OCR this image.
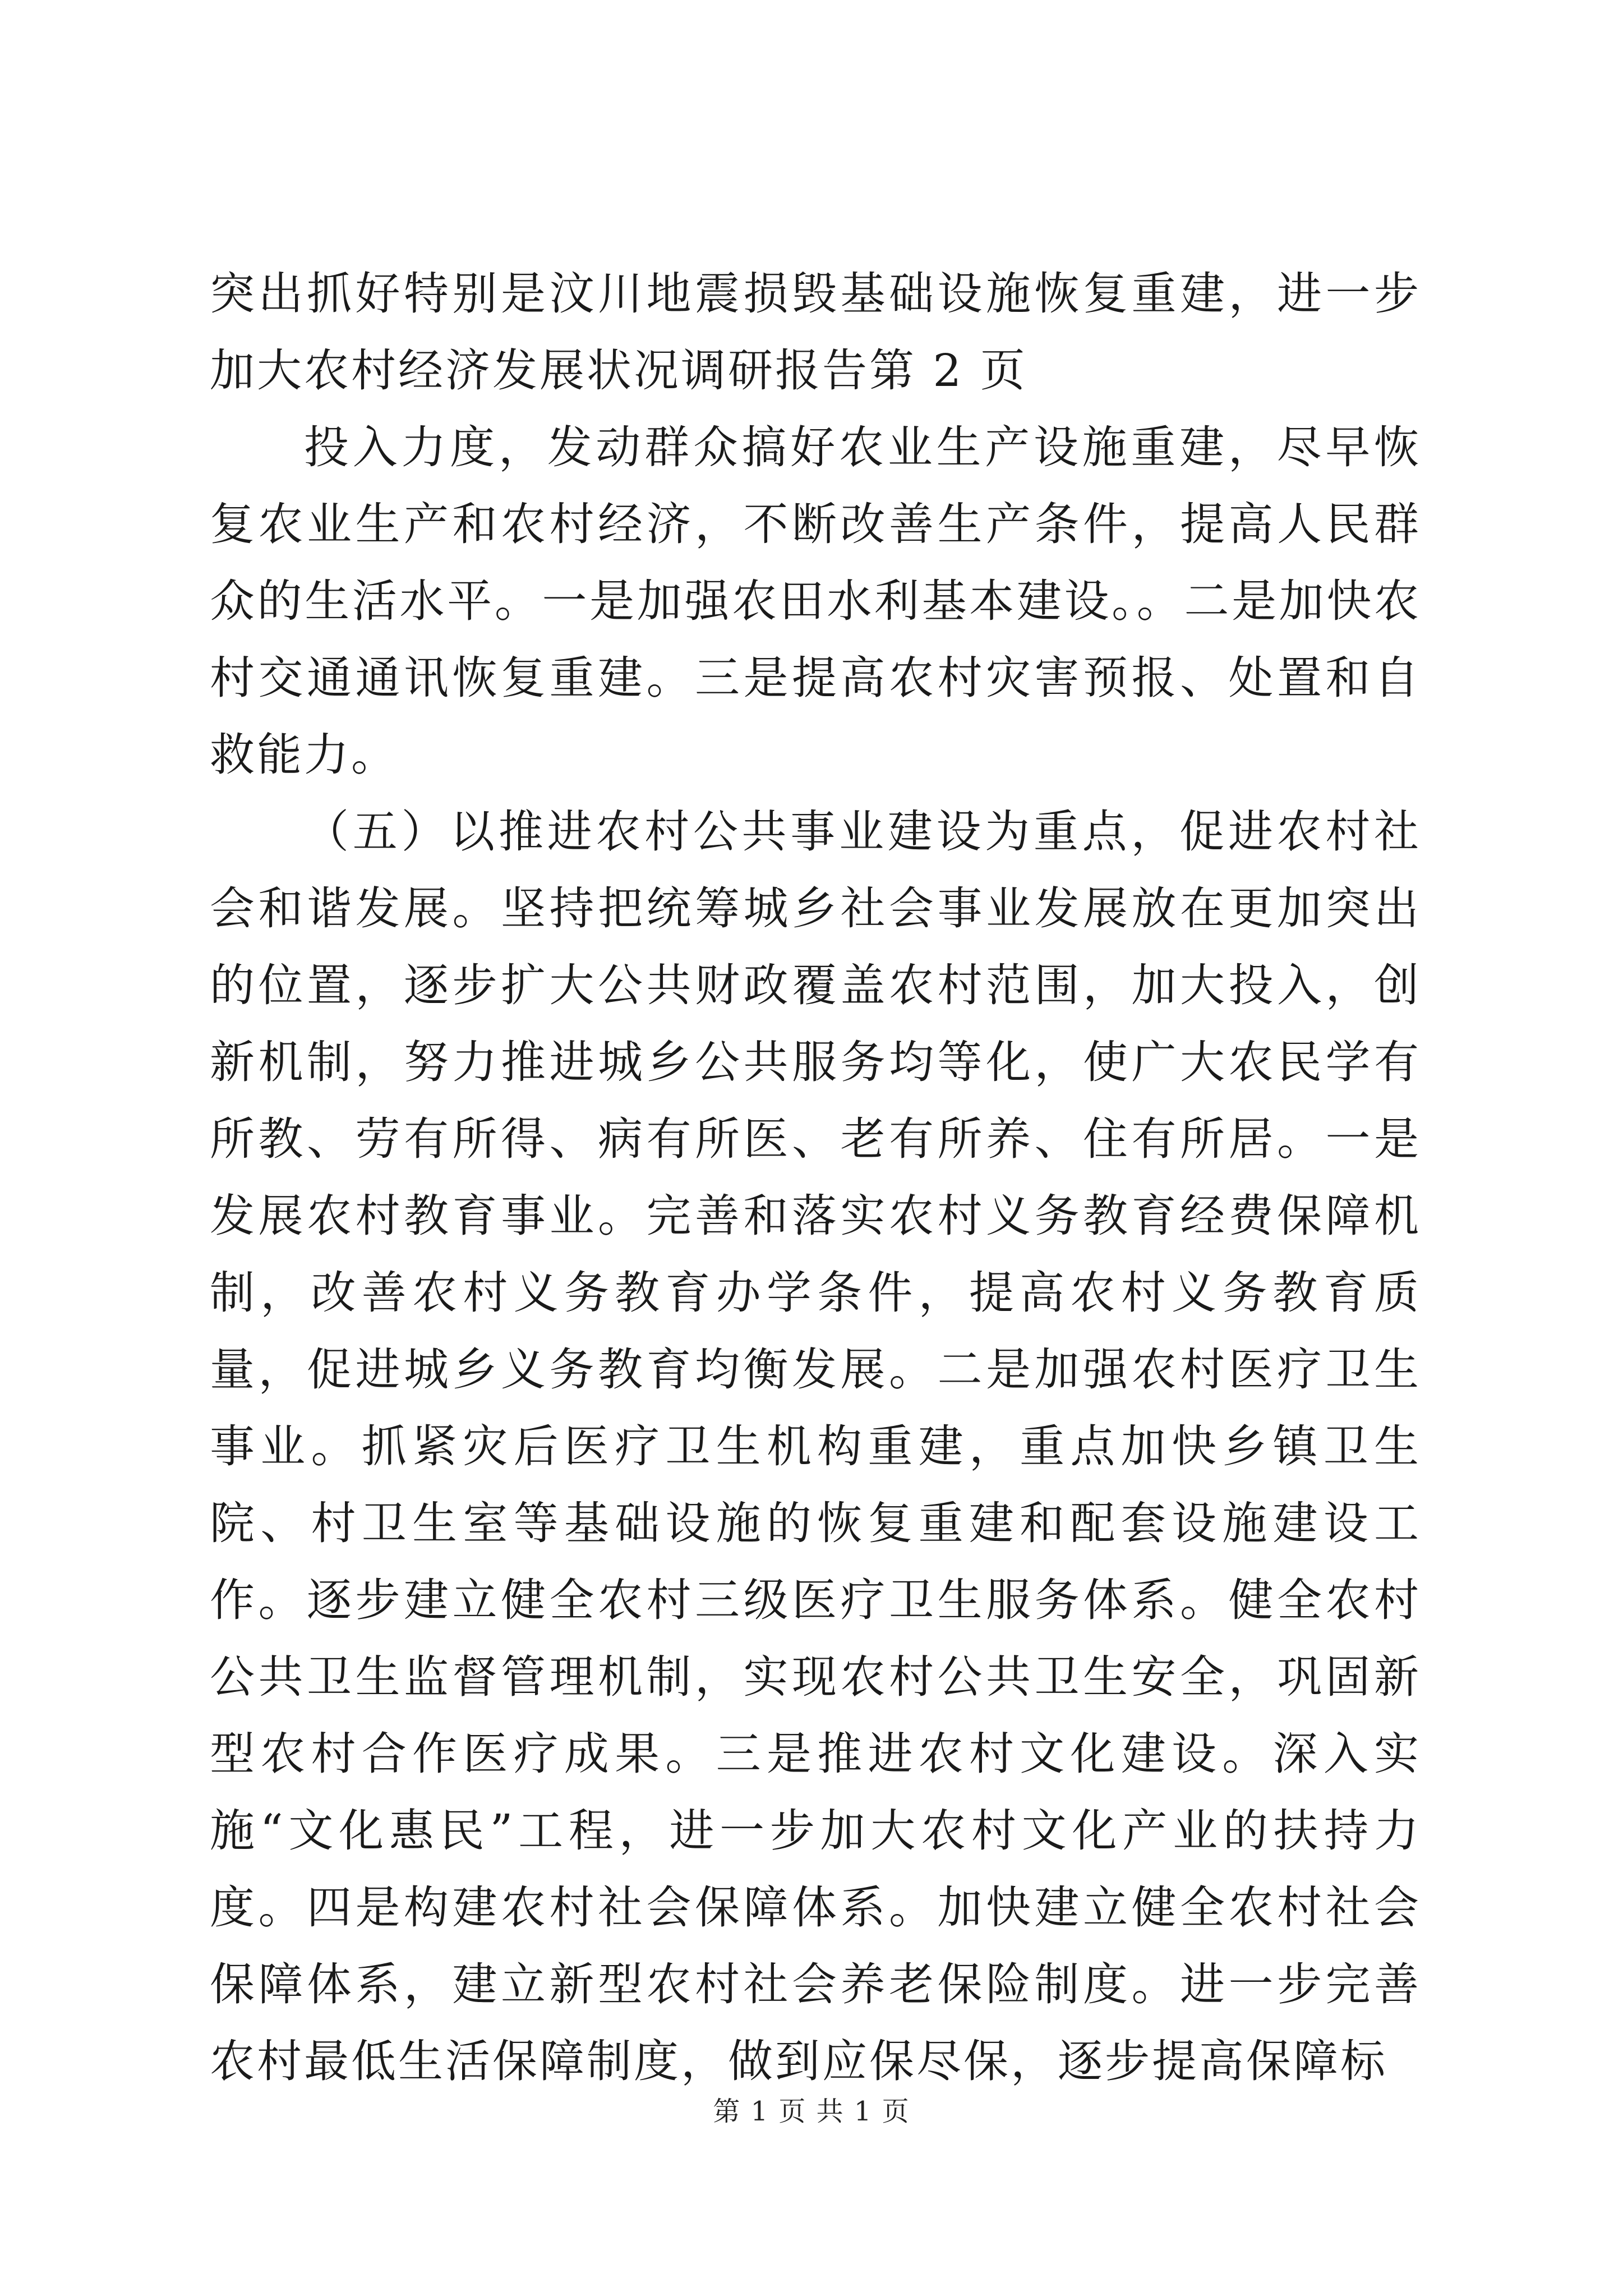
突出抓好特别是汶川地震损毁基础设施恢复重建，进一步加大农村经济发展状况调研报告第 2 页

投入力度，发动群众搞好农业生产设施重建，尽早恢复农业生产和农村经济，不断改善生产条件，提高人民群众的生活水平。一是加强农田水利基本建设。。二是加快农村交通通讯恢复重建。三是提高农村灾害预报、处置和自救能力。

（五）以推进农村公共事业建设为重点，促进农村社会和谐发展。坚持把统筹城乡社会事业发展放在更加突出的位置，逐步扩大公共财政覆盖农村范围，加大投入，创新机制，努力推进城乡公共服务均等化，使广大农民学有所教、劳有所得、病有所医、老有所养、住有所居。一是发展农村教育事业。完善和落实农村义务教育经费保障机制，改善农村义务教育办学条件，提高农村义务教育质量，促进城乡义务教育均衡发展。二是加强农村医疗卫生事业。抓紧灾后医疗卫生机构重建，重点加快乡镇卫生院、村卫生室等基础设施的恢复重建和配套设施建设工作。逐步建立健全农村三级医疗卫生服务体系。健全农村公共卫生监督管理机制，实现农村公共卫生安全，巩固新型农村合作医疗成果。三是推进农村文化建设。深入实施“文化惠民”工程，进一步加大农村文化产业的扶持力度。四是构建农村社会保障体系。加快建立健全农村社会保障体系，建立新型农村社会养老保险制度。进一步完善农村最低生活保障制度，做到应保尽保，逐步提高保障标

第 1 页 共 1 页
